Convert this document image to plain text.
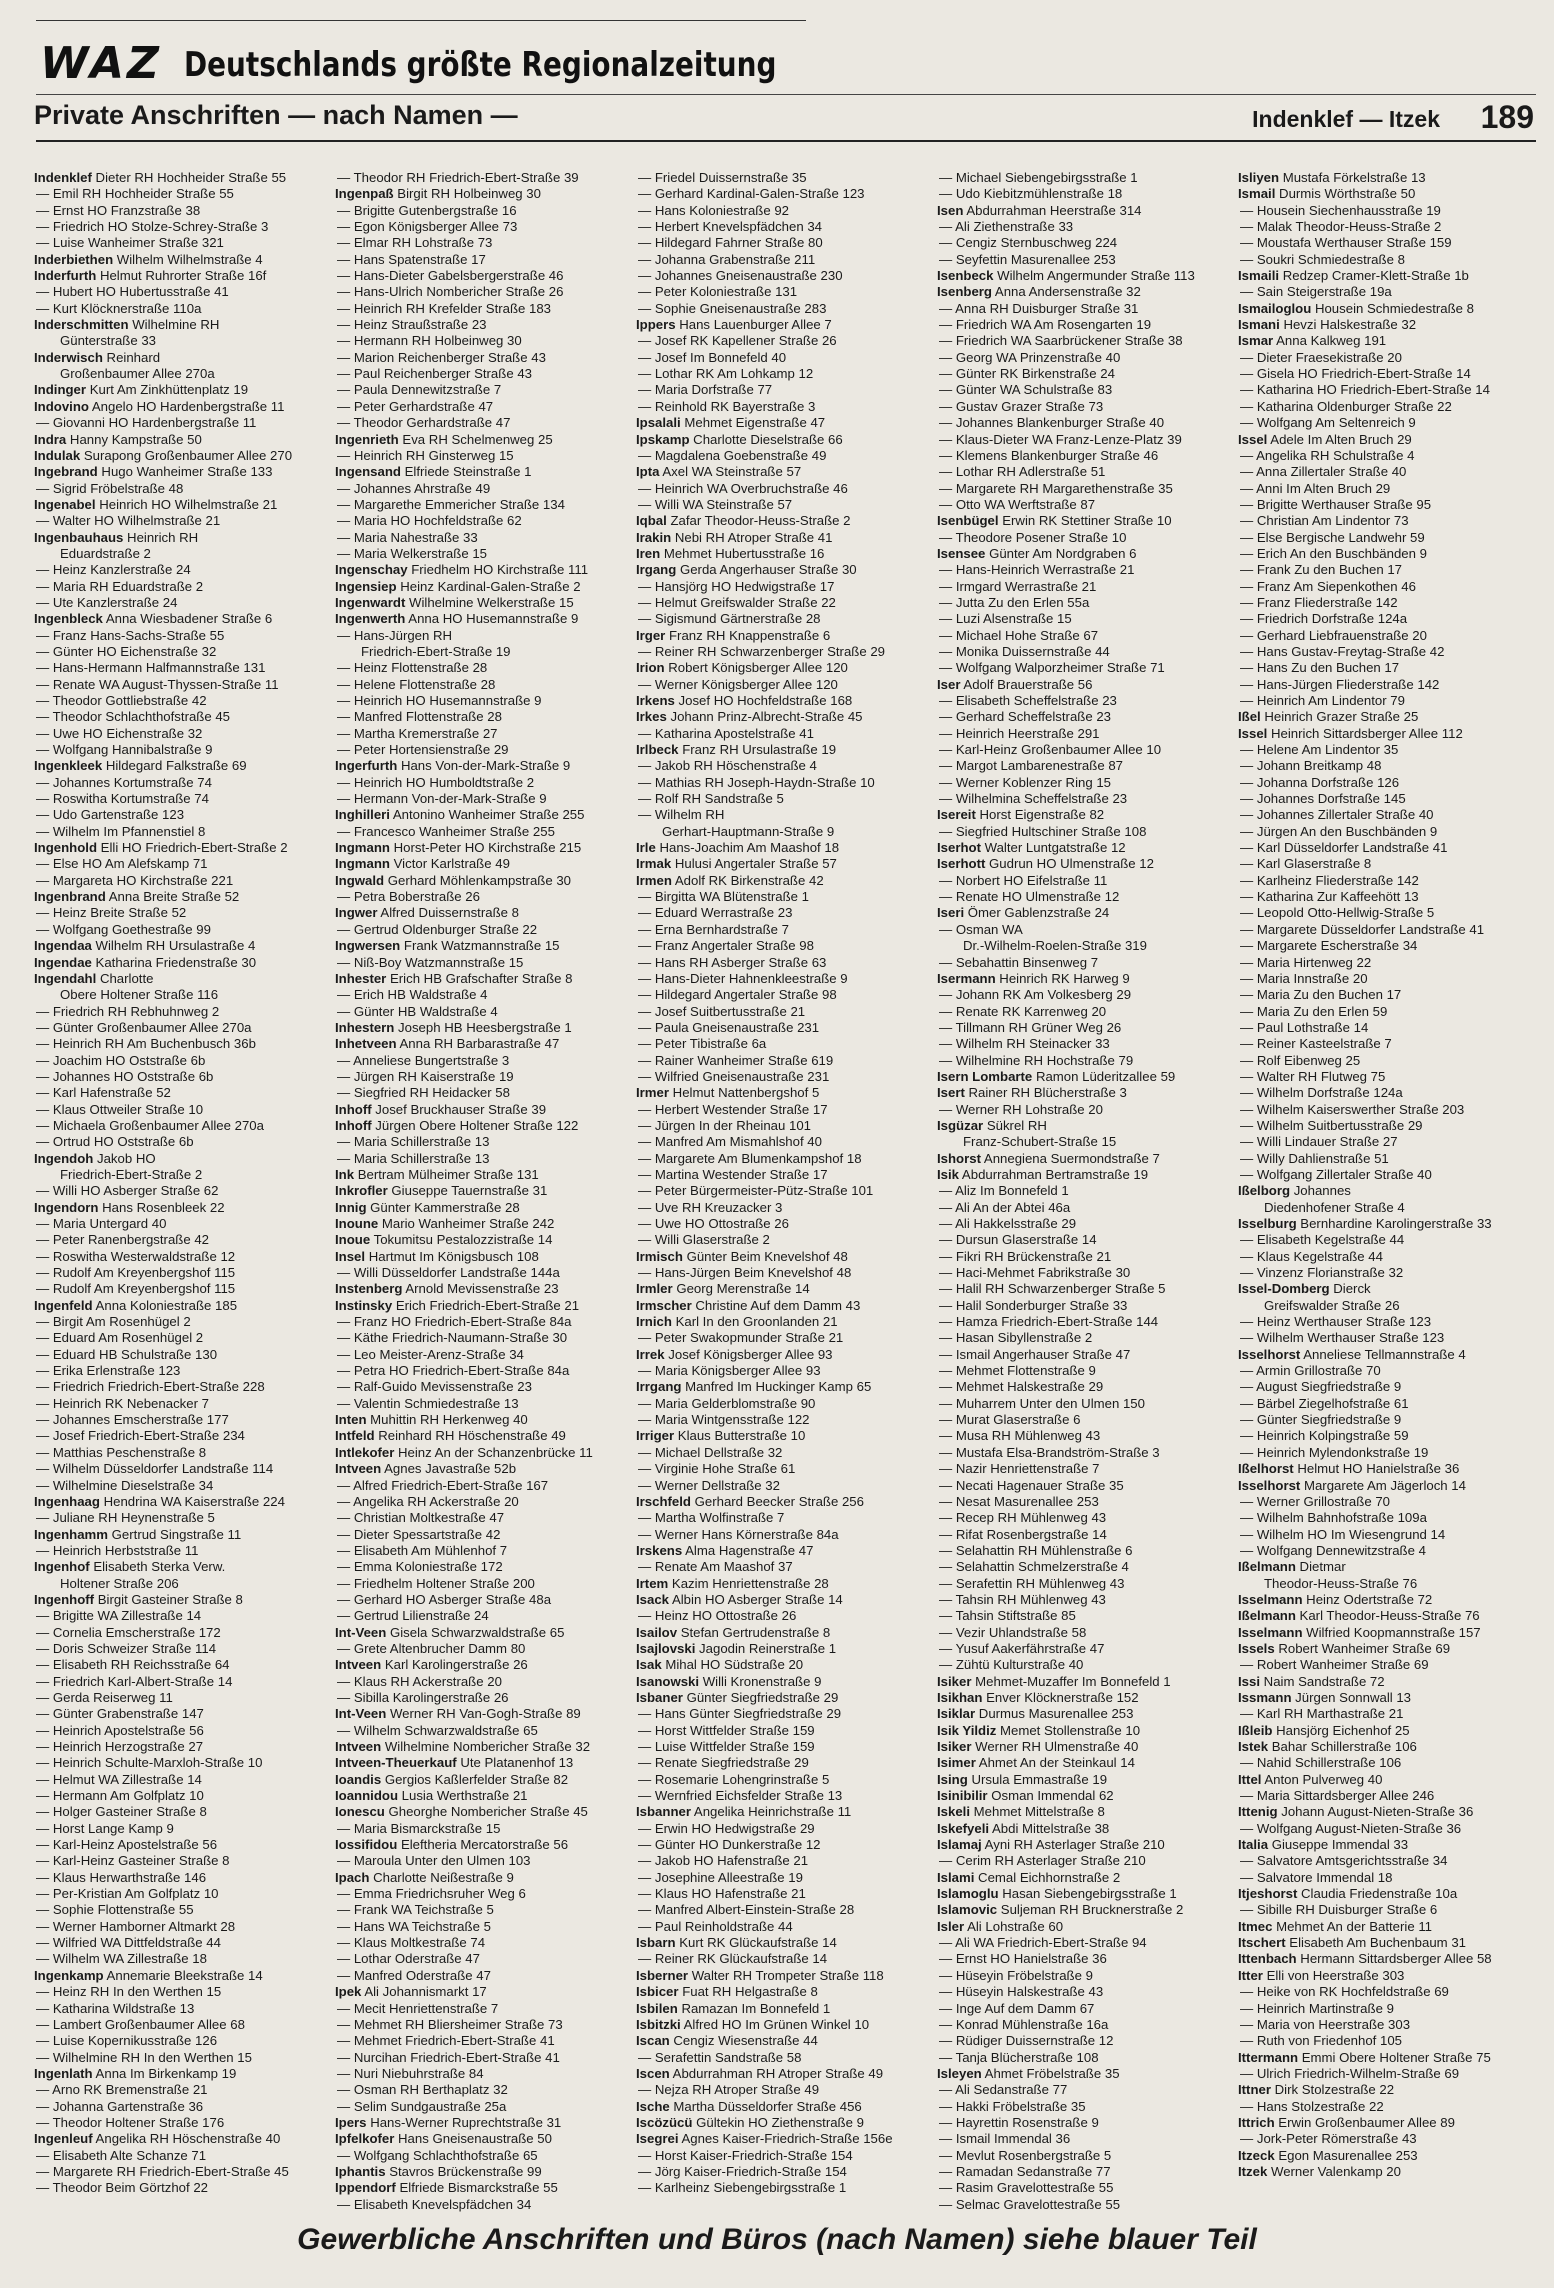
WAZ Deutschlands größte Regionalzeitung
Private Anschriften — nach Namen —	Indenklef — Itzek 189
Indenklef Dieter RH Hochheider Straße 55
— Emil RH Hochheider Straße 55
— Ernst HO Franzstraße 38
— Friedrich HO Stolze-Schrey-Straße 3
— Luise Wanheimer Straße 321
Inderbiethen Wilhelm Wilhelmstraße 4
Inderfurth Helmut Ruhrorter Straße 16f
— Hubert HO Hubertusstraße 41
— Kurt Klöcknerstraße 110a
Inderschmitten Wilhelmine RH
Günterstraße 33
Inderwisch Reinhard
Großenbaumer Allee 270a
Indinger Kurt Am Zinkhüttenplatz 19
Indovino Angelo HO Hardenbergstraße 11
— Giovanni HO Hardenbergstraße 11
Indra Hanny Kampstraße 50
Indulak Surapong Großenbaumer Allee 270
Ingebrand Hugo Wanheimer Straße 133
— Sigrid Fröbelstraße 48
Ingenabel Heinrich HO Wilhelmstraße 21
— Walter HO Wilhelmstraße 21
Ingenbauhaus Heinrich RH
Eduardstraße 2
— Heinz Kanzlerstraße 24
— Maria RH Eduardstraße 2
— Ute Kanzlerstraße 24
Ingenbleck Anna Wiesbadener Straße 6
— Franz Hans-Sachs-Straße 55
— Günter HO Eichenstraße 32
— Hans-Hermann Halfmannstraße 131
— Renate WA August-Thyssen-Straße 11
— Theodor Gottliebstraße 42
— Theodor Schlachthofstraße 45
— Uwe HO Eichenstraße 32
— Wolfgang Hannibalstraße 9
Ingenkleek Hildegard Falkstraße 69
— Johannes Kortumstraße 74
— Roswitha Kortumstraße 74
— Udo Gartenstraße 123
— Wilhelm Im Pfannenstiel 8
Ingenhold Elli HO Friedrich-Ebert-Straße 2
— Else HO Am Alefskamp 71
— Margareta HO Kirchstraße 221
Ingenbrand Anna Breite Straße 52
— Heinz Breite Straße 52
— Wolfgang Goethestraße 99
Ingendaa Wilhelm RH Ursulastraße 4
Ingendae Katharina Friedenstraße 30
Ingendahl Charlotte
Obere Holtener Straße 116
— Friedrich RH Rebhuhnweg 2
— Günter Großenbaumer Allee 270a
— Heinrich RH Am Buchenbusch 36b
— Joachim HO Oststraße 6b
— Johannes HO Oststraße 6b
— Karl Hafenstraße 52
— Klaus Ottweiler Straße 10
— Michaela Großenbaumer Allee 270a
— Ortrud HO Oststraße 6b
Ingendoh Jakob HO
Friedrich-Ebert-Straße 2
— Willi HO Asberger Straße 62
Ingendorn Hans Rosenbleek 22
— Maria Untergard 40
— Peter Ranenbergstraße 42
— Roswitha Westerwaldstraße 12
— Rudolf Am Kreyenbergshof 115
— Rudolf Am Kreyenbergshof 115
Ingenfeld Anna Koloniestraße 185
— Birgit Am Rosenhügel 2
— Eduard Am Rosenhügel 2
— Eduard HB Schulstraße 130
— Erika Erlenstraße 123
— Friedrich Friedrich-Ebert-Straße 228
— Heinrich RK Nebenacker 7
— Johannes Emscherstraße 177
— Josef Friedrich-Ebert-Straße 234
— Matthias Peschenstraße 8
— Wilhelm Düsseldorfer Landstraße 114
— Wilhelmine Dieselstraße 34
Ingenhaag Hendrina WA Kaiserstraße 224
— Juliane RH Heynenstraße 5
Ingenhamm Gertrud Singstraße 11
— Heinrich Herbststraße 11
Ingenhof Elisabeth Sterka Verw.
Holtener Straße 206
Ingenhoff Birgit Gasteiner Straße 8
— Brigitte WA Zillestraße 14
— Cornelia Emscherstraße 172
— Doris Schweizer Straße 114
— Elisabeth RH Reichsstraße 64
— Friedrich Karl-Albert-Straße 14
— Gerda Reiserweg 11
— Günter Grabenstraße 147
— Heinrich Apostelstraße 56
— Heinrich Herzogstraße 27
— Heinrich Schulte-Marxloh-Straße 10
— Helmut WA Zillestraße 14
— Hermann Am Golfplatz 10
— Holger Gasteiner Straße 8
— Horst Lange Kamp 9
— Karl-Heinz Apostelstraße 56
— Karl-Heinz Gasteiner Straße 8
— Klaus Herwarthstraße 146
— Per-Kristian Am Golfplatz 10
— Sophie Flottenstraße 55
— Werner Hamborner Altmarkt 28
— Wilfried WA Dittfeldstraße 44
— Wilhelm WA Zillestraße 18
Ingenkamp Annemarie Bleekstraße 14
— Heinz RH In den Werthen 15
— Katharina Wildstraße 13
— Lambert Großenbaumer Allee 68
— Luise Kopernikusstraße 126
— Wilhelmine RH In den Werthen 15
Ingenlath Anna Im Birkenkamp 19
— Arno RK Bremenstraße 21
— Johanna Gartenstraße 36
— Theodor Holtener Straße 176
Ingenleuf Angelika RH Höschenstraße 40
— Elisabeth Alte Schanze 71
— Margarete RH Friedrich-Ebert-Straße 45
— Theodor Beim Görtzhof 22
— Theodor RH Friedrich-Ebert-Straße 39
Ingenpaß Birgit RH Holbeinweg 30
— Brigitte Gutenbergstraße 16
— Egon Königsberger Allee 73
— Elmar RH Lohstraße 73
— Hans Spatenstraße 17
— Hans-Dieter Gabelsbergerstraße 46
— Hans-Ulrich Nombericher Straße 26
— Heinrich RH Krefelder Straße 183
— Heinz Straußstraße 23
— Hermann RH Holbeinweg 30
— Marion Reichenberger Straße 43
— Paul Reichenberger Straße 43
— Paula Dennewitzstraße 7
— Peter Gerhardstraße 47
— Theodor Gerhardstraße 47
Ingenrieth Eva RH Schelmenweg 25
— Heinrich RH Ginsterweg 15
Ingensand Elfriede Steinstraße 1
— Johannes Ahrstraße 49
— Margarethe Emmericher Straße 134
— Maria HO Hochfeldstraße 62
— Maria Nahestraße 33
— Maria Welkerstraße 15
Ingenschay Friedhelm HO Kirchstraße 111
Ingensiep Heinz Kardinal-Galen-Straße 2
Ingenwardt Wilhelmine Welkerstraße 15
Ingenwerth Anna HO Husemannstraße 9
— Hans-Jürgen RH
Friedrich-Ebert-Straße 19
— Heinz Flottenstraße 28
— Helene Flottenstraße 28
— Heinrich HO Husemannstraße 9
— Manfred Flottenstraße 28
— Martha Kremerstraße 27
— Peter Hortensienstraße 29
Ingerfurth Hans Von-der-Mark-Straße 9
— Heinrich HO Humboldtstraße 2
— Hermann Von-der-Mark-Straße 9
Inghilleri Antonino Wanheimer Straße 255
— Francesco Wanheimer Straße 255
Ingmann Horst-Peter HO Kirchstraße 215
Ingmann Victor Karlstraße 49
Ingwald Gerhard Möhlenkampstraße 30
— Petra Boberstraße 26
Ingwer Alfred Duissernstraße 8
— Gertrud Oldenburger Straße 22
Ingwersen Frank Watzmannstraße 15
— Niß-Boy Watzmannstraße 15
Inhester Erich HB Grafschafter Straße 8
— Erich HB Waldstraße 4
— Günter HB Waldstraße 4
Inhestern Joseph HB Heesbergstraße 1
Inhetveen Anna RH Barbarastraße 47
— Anneliese Bungertstraße 3
— Jürgen RH Kaiserstraße 19
— Siegfried RH Heidacker 58
Inhoff Josef Bruckhauser Straße 39
Inhoff Jürgen Obere Holtener Straße 122
— Maria Schillerstraße 13
— Maria Schillerstraße 13
Ink Bertram Mülheimer Straße 131
Inkrofler Giuseppe Tauernstraße 31
Innig Günter Kammerstraße 28
Inoune Mario Wanheimer Straße 242
Inoue Tokumitsu Pestalozzistraße 14
Insel Hartmut Im Königsbusch 108
— Willi Düsseldorfer Landstraße 144a
Instenberg Arnold Mevissenstraße 23
Instinsky Erich Friedrich-Ebert-Straße 21
— Franz HO Friedrich-Ebert-Straße 84a
— Käthe Friedrich-Naumann-Straße 30
— Leo Meister-Arenz-Straße 34
— Petra HO Friedrich-Ebert-Straße 84a
— Ralf-Guido Mevissenstraße 23
— Valentin Schmiedestraße 13
Inten Muhittin RH Herkenweg 40
Intfeld Reinhard RH Höschenstraße 49
Intlekofer Heinz An der Schanzenbrücke 11
Intveen Agnes Javastraße 52b
— Alfred Friedrich-Ebert-Straße 167
— Angelika RH Ackerstraße 20
— Christian Moltkestraße 47
— Dieter Spessartstraße 42
— Elisabeth Am Mühlenhof 7
— Emma Koloniestraße 172
— Friedhelm Holtener Straße 200
— Gerhard HO Asberger Straße 48a
— Gertrud Lilienstraße 24
Int-Veen Gisela Schwarzwaldstraße 65
— Grete Altenbrucher Damm 80
Intveen Karl Karolingerstraße 26
— Klaus RH Ackerstraße 20
— Sibilla Karolingerstraße 26
Int-Veen Werner RH Van-Gogh-Straße 89
— Wilhelm Schwarzwaldstraße 65
Intveen Wilhelmine Nombericher Straße 32
Intveen-Theuerkauf Ute Platanenhof 13
Ioandis Gergios Kaßlerfelder Straße 82
Ioannidou Lusia Werthstraße 21
Ionescu Gheorghe Nombericher Straße 45
— Maria Bismarckstraße 15
Iossifidou Eleftheria Mercatorstraße 56
— Maroula Unter den Ulmen 103
Ipach Charlotte Neißestraße 9
— Emma Friedrichsruher Weg 6
— Frank WA Teichstraße 5
— Hans WA Teichstraße 5
— Klaus Moltkestraße 74
— Lothar Oderstraße 47
— Manfred Oderstraße 47
Ipek Ali Johannismarkt 17
— Mecit Henriettenstraße 7
— Mehmet RH Bliersheimer Straße 73
— Mehmet Friedrich-Ebert-Straße 41
— Nurcihan Friedrich-Ebert-Straße 41
— Nuri Niebuhrstraße 84
— Osman RH Berthaplatz 32
— Selim Sundgaustraße 25a
Ipers Hans-Werner Ruprechtstraße 31
Ipfelkofer Hans Gneisenaustraße 50
— Wolfgang Schlachthofstraße 65
Iphantis Stavros Brückenstraße 99
Ippendorf Elfriede Bismarckstraße 55
— Elisabeth Knevelspfädchen 34
— Friedel Duissernstraße 35
— Gerhard Kardinal-Galen-Straße 123
— Hans Koloniestraße 92
— Herbert Knevelspfädchen 34
— Hildegard Fahrner Straße 80
— Johanna Grabenstraße 211
— Johannes Gneisenaustraße 230
— Peter Koloniestraße 131
— Sophie Gneisenaustraße 283
Ippers Hans Lauenburger Allee 7
— Josef RK Kapellener Straße 26
— Josef Im Bonnefeld 40
— Lothar RK Am Lohkamp 12
— Maria Dorfstraße 77
— Reinhold RK Bayerstraße 3
Ipsalali Mehmet Eigenstraße 47
Ipskamp Charlotte Dieselstraße 66
— Magdalena Goebenstraße 49
Ipta Axel WA Steinstraße 57
— Heinrich WA Overbruchstraße 46
— Willi WA Steinstraße 57
Iqbal Zafar Theodor-Heuss-Straße 2
Irakin Nebi RH Atroper Straße 41
Iren Mehmet Hubertusstraße 16
Irgang Gerda Angerhauser Straße 30
— Hansjörg HO Hedwigstraße 17
— Helmut Greifswalder Straße 22
— Sigismund Gärtnerstraße 28
Irger Franz RH Knappenstraße 6
— Reiner RH Schwarzenberger Straße 29
Irion Robert Königsberger Allee 120
— Werner Königsberger Allee 120
Irkens Josef HO Hochfeldstraße 168
Irkes Johann Prinz-Albrecht-Straße 45
— Katharina Apostelstraße 41
Irlbeck Franz RH Ursulastraße 19
— Jakob RH Höschenstraße 4
— Mathias RH Joseph-Haydn-Straße 10
— Rolf RH Sandstraße 5
— Wilhelm RH
Gerhart-Hauptmann-Straße 9
Irle Hans-Joachim Am Maashof 18
Irmak Hulusi Angertaler Straße 57
Irmen Adolf RK Birkenstraße 42
— Birgitta WA Blütenstraße 1
— Eduard Werrastraße 23
— Erna Bernhardstraße 7
— Franz Angertaler Straße 98
— Hans RH Asberger Straße 63
— Hans-Dieter Hahnenkleestraße 9
— Hildegard Angertaler Straße 98
— Josef Suitbertusstraße 21
— Paula Gneisenaustraße 231
— Peter Tibistraße 6a
— Rainer Wanheimer Straße 619
— Wilfried Gneisenaustraße 231
Irmer Helmut Nattenbergshof 5
— Herbert Westender Straße 17
— Jürgen In der Rheinau 101
— Manfred Am Mismahlshof 40
— Margarete Am Blumenkampshof 18
— Martina Westender Straße 17
— Peter Bürgermeister-Pütz-Straße 101
— Uve RH Kreuzacker 3
— Uwe HO Ottostraße 26
— Willi Glaserstraße 2
Irmisch Günter Beim Knevelshof 48
— Hans-Jürgen Beim Knevelshof 48
Irmler Georg Merenstraße 14
Irmscher Christine Auf dem Damm 43
Irnich Karl In den Groonlanden 21
— Peter Swakopmunder Straße 21
Irrek Josef Königsberger Allee 93
— Maria Königsberger Allee 93
Irrgang Manfred Im Huckinger Kamp 65
— Maria Gelderblomstraße 90
— Maria Wintgensstraße 122
Irriger Klaus Butterstraße 10
— Michael Dellstraße 32
— Virginie Hohe Straße 61
— Werner Dellstraße 32
Irschfeld Gerhard Beecker Straße 256
— Martha Wolfinstraße 7
— Werner Hans Körnerstraße 84a
Irskens Alma Hagenstraße 47
— Renate Am Maashof 37
Irtem Kazim Henriettenstraße 28
Isack Albin HO Asberger Straße 14
— Heinz HO Ottostraße 26
Isailov Stefan Gertrudenstraße 8
Isajlovski Jagodin Reinerstraße 1
Isak Mihal HO Südstraße 20
Isanowski Willi Kronenstraße 9
Isbaner Günter Siegfriedstraße 29
— Hans Günter Siegfriedstraße 29
— Horst Wittfelder Straße 159
— Luise Wittfelder Straße 159
— Renate Siegfriedstraße 29
— Rosemarie Lohengrinstraße 5
— Wernfried Eichsfelder Straße 13
Isbanner Angelika Heinrichstraße 11
— Erwin HO Hedwigstraße 29
— Günter HO Dunkerstraße 12
— Jakob HO Hafenstraße 21
— Josephine Alleestraße 19
— Klaus HO Hafenstraße 21
— Manfred Albert-Einstein-Straße 28
— Paul Reinholdstraße 44
Isbarn Kurt RK Glückaufstraße 14
— Reiner RK Glückaufstraße 14
Isberner Walter RH Trompeter Straße 118
Isbicer Fuat RH Helgastraße 8
Isbilen Ramazan Im Bonnefeld 1
Isbitzki Alfred HO Im Grünen Winkel 10
Iscan Cengiz Wiesenstraße 44
— Serafettin Sandstraße 58
Iscen Abdurrahman RH Atroper Straße 49
— Nejza RH Atroper Straße 49
Ische Martha Düsseldorfer Straße 456
Iscözücü Gültekin HO Ziethenstraße 9
Isegrei Agnes Kaiser-Friedrich-Straße 156e
— Horst Kaiser-Friedrich-Straße 154
— Jörg Kaiser-Friedrich-Straße 154
— Karlheinz Siebengebirgsstraße 1
— Michael Siebengebirgsstraße 1
— Udo Kiebitzmühlenstraße 18
Isen Abdurrahman Heerstraße 314
— Ali Ziethenstraße 33
— Cengiz Sternbuschweg 224
— Seyfettin Masurenallee 253
Isenbeck Wilhelm Angermunder Straße 113
Isenberg Anna Andersenstraße 32
— Anna RH Duisburger Straße 31
— Friedrich WA Am Rosengarten 19
— Friedrich WA Saarbrückener Straße 38
— Georg WA Prinzenstraße 40
— Günter RK Birkenstraße 24
— Günter WA Schulstraße 83
— Gustav Grazer Straße 73
— Johannes Blankenburger Straße 40
— Klaus-Dieter WA Franz-Lenze-Platz 39
— Klemens Blankenburger Straße 46
— Lothar RH Adlerstraße 51
— Margarete RH Margarethenstraße 35
— Otto WA Werftstraße 87
Isenbügel Erwin RK Stettiner Straße 10
— Theodore Posener Straße 10
Isensee Günter Am Nordgraben 6
— Hans-Heinrich Werrastraße 21
— Irmgard Werrastraße 21
— Jutta Zu den Erlen 55a
— Luzi Alsenstraße 15
— Michael Hohe Straße 67
— Monika Duissernstraße 44
— Wolfgang Walporzheimer Straße 71
Iser Adolf Brauerstraße 56
— Elisabeth Scheffelstraße 23
— Gerhard Scheffelstraße 23
— Heinrich Heerstraße 291
— Karl-Heinz Großenbaumer Allee 10
— Margot Lambarenestraße 87
— Werner Koblenzer Ring 15
— Wilhelmina Scheffelstraße 23
Isereit Horst Eigenstraße 82
— Siegfried Hultschiner Straße 108
Iserhot Walter Luntgatstraße 12
Iserhott Gudrun HO Ulmenstraße 12
— Norbert HO Eifelstraße 11
— Renate HO Ulmenstraße 12
Iseri Ömer Gablenzstraße 24
— Osman WA
Dr.-Wilhelm-Roelen-Straße 319
— Sebahattin Binsenweg 7
Isermann Heinrich RK Harweg 9
— Johann RK Am Volkesberg 29
— Renate RK Karrenweg 20
— Tillmann RH Grüner Weg 26
— Wilhelm RH Steinacker 33
— Wilhelmine RH Hochstraße 79
Isern Lombarte Ramon Lüderitzallee 59
Isert Rainer RH Blücherstraße 3
— Werner RH Lohstraße 20
Isgüzar Sükrel RH
Franz-Schubert-Straße 15
Ishorst Annegiena Suermondstraße 7
Isik Abdurrahman Bertramstraße 19
— Aliz Im Bonnefeld 1
— Ali An der Abtei 46a
— Ali Hakkelsstraße 29
— Dursun Glaserstraße 14
— Fikri RH Brückenstraße 21
— Haci-Mehmet Fabrikstraße 30
— Halil RH Schwarzenberger Straße 5
— Halil Sonderburger Straße 33
— Hamza Friedrich-Ebert-Straße 144
— Hasan Sibyllenstraße 2
— Ismail Angerhauser Straße 47
— Mehmet Flottenstraße 9
— Mehmet Halskestraße 29
— Muharrem Unter den Ulmen 150
— Murat Glaserstraße 6
— Musa RH Mühlenweg 43
— Mustafa Elsa-Brandström-Straße 3
— Nazir Henriettenstraße 7
— Necati Hagenauer Straße 35
— Nesat Masurenallee 253
— Recep RH Mühlenweg 43
— Rifat Rosenbergstraße 14
— Selahattin RH Mühlenstraße 6
— Selahattin Schmelzerstraße 4
— Serafettin RH Mühlenweg 43
— Tahsin RH Mühlenweg 43
— Tahsin Stiftstraße 85
— Vezir Uhlandstraße 58
— Yusuf Aakerfährstraße 47
— Zühtü Kulturstraße 40
Isiker Mehmet-Muzaffer Im Bonnefeld 1
Isikhan Enver Klöcknerstraße 152
Isiklar Durmus Masurenallee 253
Isik Yildiz Memet Stollenstraße 10
Isiker Werner RH Ulmenstraße 40
Isimer Ahmet An der Steinkaul 14
Ising Ursula Emmastraße 19
Isinibilir Osman Immendal 62
Iskeli Mehmet Mittelstraße 8
Iskefyeli Abdi Mittelstraße 38
Islamaj Ayni RH Asterlager Straße 210
— Cerim RH Asterlager Straße 210
Islami Cemal Eichhornstraße 2
Islamoglu Hasan Siebengebirgsstraße 1
Islamovic Suljeman RH Brucknerstraße 2
Isler Ali Lohstraße 60
— Ali WA Friedrich-Ebert-Straße 94
— Ernst HO Hanielstraße 36
— Hüseyin Fröbelstraße 9
— Hüseyin Halskestraße 43
— Inge Auf dem Damm 67
— Konrad Mühlenstraße 16a
— Rüdiger Duissernstraße 12
— Tanja Blücherstraße 108
Isleyen Ahmet Fröbelstraße 35
— Ali Sedanstraße 77
— Hakki Fröbelstraße 35
— Hayrettin Rosenstraße 9
— Ismail Immendal 36
— Mevlut Rosenbergstraße 5
— Ramadan Sedanstraße 77
— Rasim Gravelottestraße 55
— Selmac Gravelottestraße 55
Isliyen Mustafa Förkelstraße 13
Ismail Durmis Wörthstraße 50
— Housein Siechenhausstraße 19
— Malak Theodor-Heuss-Straße 2
— Moustafa Werthauser Straße 159
— Soukri Schmiedestraße 8
Ismaili Redzep Cramer-Klett-Straße 1b
— Sain Steigerstraße 19a
Ismailoglou Housein Schmiedestraße 8
Ismani Hevzi Halskestraße 32
Ismar Anna Kalkweg 191
— Dieter Fraesekistraße 20
— Gisela HO Friedrich-Ebert-Straße 14
— Katharina HO Friedrich-Ebert-Straße 14
— Katharina Oldenburger Straße 22
— Wolfgang Am Seltenreich 9
Issel Adele Im Alten Bruch 29
— Angelika RH Schulstraße 4
— Anna Zillertaler Straße 40
— Anni Im Alten Bruch 29
— Brigitte Werthauser Straße 95
— Christian Am Lindentor 73
— Else Bergische Landwehr 59
— Erich An den Buschbänden 9
— Frank Zu den Buchen 17
— Franz Am Siepenkothen 46
— Franz Fliederstraße 142
— Friedrich Dorfstraße 124a
— Gerhard Liebfrauenstraße 20
— Hans Gustav-Freytag-Straße 42
— Hans Zu den Buchen 17
— Hans-Jürgen Fliederstraße 142
— Heinrich Am Lindentor 79
Ißel Heinrich Grazer Straße 25
Issel Heinrich Sittardsberger Allee 112
— Helene Am Lindentor 35
— Johann Breitkamp 48
— Johanna Dorfstraße 126
— Johannes Dorfstraße 145
— Johannes Zillertaler Straße 40
— Jürgen An den Buschbänden 9
— Karl Düsseldorfer Landstraße 41
— Karl Glaserstraße 8
— Karlheinz Fliederstraße 142
— Katharina Zur Kaffeehött 13
— Leopold Otto-Hellwig-Straße 5
— Margarete Düsseldorfer Landstraße 41
— Margarete Escherstraße 34
— Maria Hirtenweg 22
— Maria Innstraße 20
— Maria Zu den Buchen 17
— Maria Zu den Erlen 59
— Paul Lothstraße 14
— Reiner Kasteelstraße 7
— Rolf Eibenweg 25
— Walter RH Flutweg 75
— Wilhelm Dorfstraße 124a
— Wilhelm Kaiserswerther Straße 203
— Wilhelm Suitbertusstraße 29
— Willi Lindauer Straße 27
— Willy Dahlienstraße 51
— Wolfgang Zillertaler Straße 40
Ißelborg Johannes
Diedenhofener Straße 4
Isselburg Bernhardine Karolingerstraße 33
— Elisabeth Kegelstraße 44
— Klaus Kegelstraße 44
— Vinzenz Florianstraße 32
Issel-Domberg Dierck
Greifswalder Straße 26
— Heinz Werthauser Straße 123
— Wilhelm Werthauser Straße 123
Isselhorst Anneliese Tellmannstraße 4
— Armin Grillostraße 70
— August Siegfriedstraße 9
— Bärbel Ziegelhofstraße 61
— Günter Siegfriedstraße 9
— Heinrich Kolpingstraße 59
— Heinrich Mylendonkstraße 19
Ißelhorst Helmut HO Hanielstraße 36
Isselhorst Margarete Am Jägerloch 14
— Werner Grillostraße 70
— Wilhelm Bahnhofstraße 109a
— Wilhelm HO Im Wiesengrund 14
— Wolfgang Dennewitzstraße 4
Ißelmann Dietmar
Theodor-Heuss-Straße 76
Isselmann Heinz Odertstraße 72
Ißelmann Karl Theodor-Heuss-Straße 76
Isselmann Wilfried Koopmannstraße 157
Issels Robert Wanheimer Straße 69
— Robert Wanheimer Straße 69
Issi Naim Sandstraße 72
Issmann Jürgen Sonnwall 13
— Karl RH Marthastraße 21
Ißleib Hansjörg Eichenhof 25
Istek Bahar Schillerstraße 106
— Nahid Schillerstraße 106
Ittel Anton Pulverweg 40
— Maria Sittardsberger Allee 246
Ittenig Johann August-Nieten-Straße 36
— Wolfgang August-Nieten-Straße 36
Italia Giuseppe Immendal 33
— Salvatore Amtsgerichtsstraße 34
— Salvatore Immendal 18
Itjeshorst Claudia Friedenstraße 10a
— Sibille RH Duisburger Straße 6
Itmec Mehmet An der Batterie 11
Itschert Elisabeth Am Buchenbaum 31
Ittenbach Hermann Sittardsberger Allee 58
Itter Elli von Heerstraße 303
— Heike von RK Hochfeldstraße 69
— Heinrich Martinstraße 9
— Maria von Heerstraße 303
— Ruth von Friedenhof 105
Ittermann Emmi Obere Holtener Straße 75
— Ulrich Friedrich-Wilhelm-Straße 69
Ittner Dirk Stolzestraße 22
— Hans Stolzestraße 22
Ittrich Erwin Großenbaumer Allee 89
— Jork-Peter Römerstraße 43
Itzeck Egon Masurenallee 253
Itzek Werner Valenkamp 20
Gewerbliche Anschriften und Büros (nach Namen) siehe blauer Teil
